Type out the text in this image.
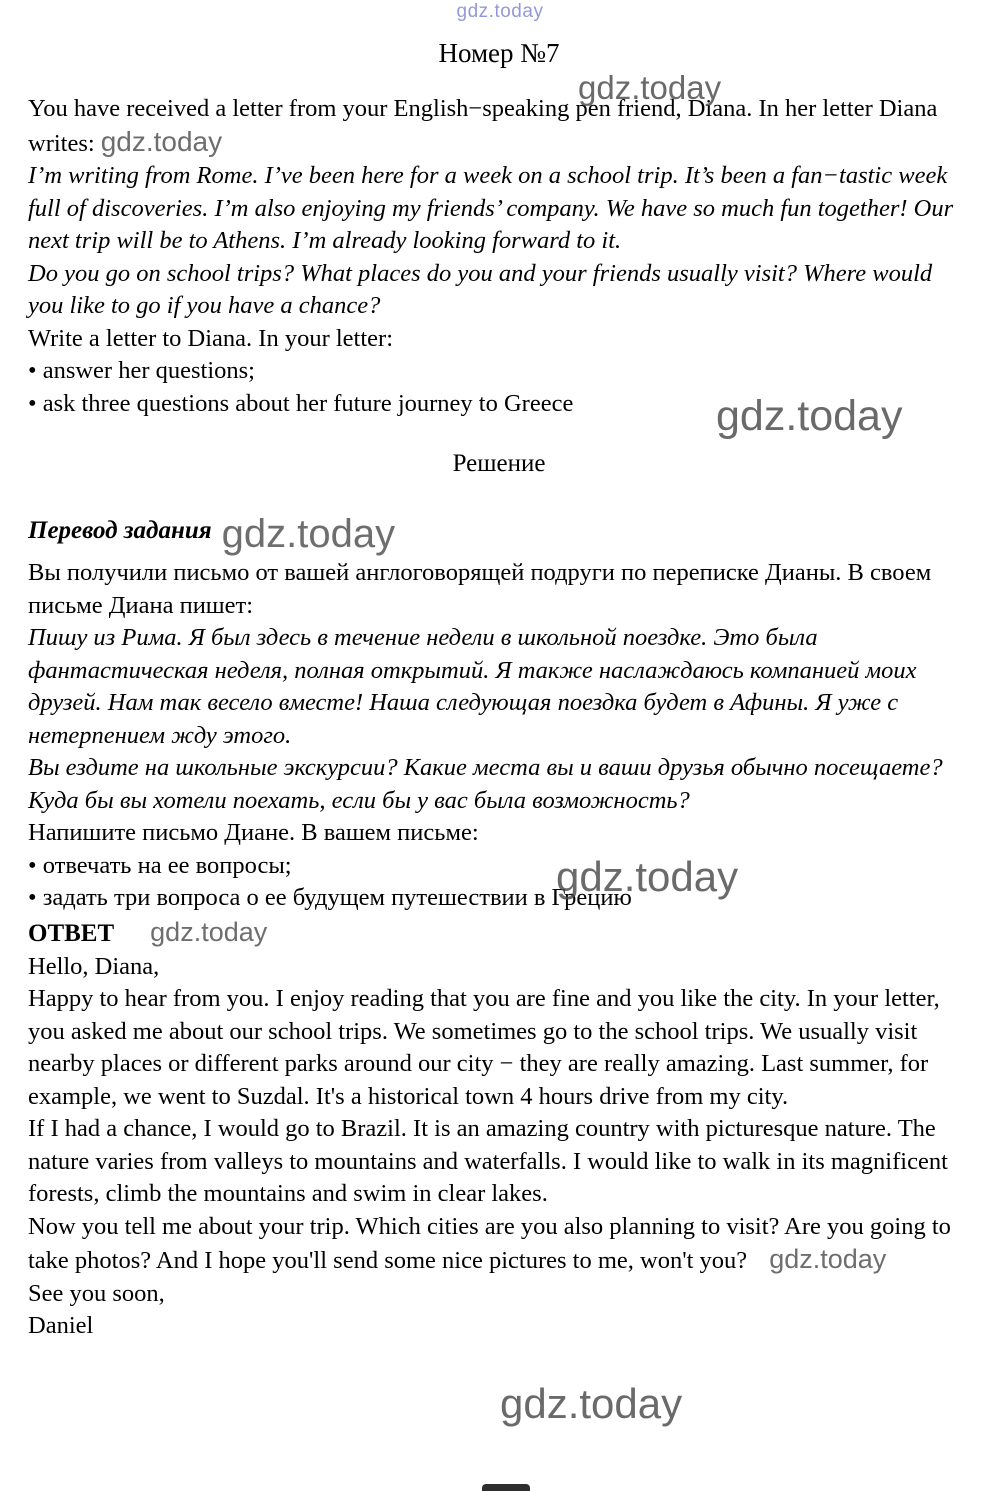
gdz.today
gdz.today
gdz.today
gdz.today
gdz.today
Номер №7

You have received a letter from your English−speaking pen friend, Diana. In her letter Diana writes: gdz.today

I’m writing from Rome. I’ve been here for a week on a school trip. It’s been a fan−tastic week full of discoveries. I’m also enjoying my friends’ company. We have so much fun together! Our next trip will be to Athens. I’m already looking forward to it.

Do you go on school trips? What places do you and your friends usually visit? Where would you like to go if you have a chance?

Write a letter to Diana. In your letter:

• answer her questions;

• ask three questions about her future journey to Greece

Решение
Перевод задания gdz.today

Вы получили письмо от вашей англоговорящей подруги по переписке Дианы. В своем письме Диана пишет:

Пишу из Рима. Я был здесь в течение недели в школьной поездке. Это была фантастическая неделя, полная открытий. Я также наслаждаюсь компанией моих друзей. Нам так весело вместе! Наша следующая поездка будет в Афины. Я уже с нетерпением жду этого.

Вы ездите на школьные экскурсии? Какие места вы и ваши друзья обычно посещаете? Куда бы вы хотели поехать, если бы у вас была возможность?

Напишите письмо Диане. В вашем письме:

• отвечать на ее вопросы;

• задать три вопроса о ее будущем путешествии в Грецию

ОТВЕТ gdz.today

Hello, Diana,

Happy to hear from you. I enjoy reading that you are fine and you like the city. In your letter, you asked me about our school trips. We sometimes go to the school trips. We usually visit nearby places or different parks around our city − they are really amazing. Last summer, for example, we went to Suzdal. It's a historical town 4 hours drive from my city.

If I had a chance, I would go to Brazil. It is an amazing country with picturesque nature. The nature varies from valleys to mountains and waterfalls. I would like to walk in its magnificent forests, climb the mountains and swim in clear lakes.

Now you tell me about your trip. Which cities are you also planning to visit? Are you going to take photos? And I hope you'll send some nice pictures to me, won't you? gdz.today

See you soon,

Daniel
